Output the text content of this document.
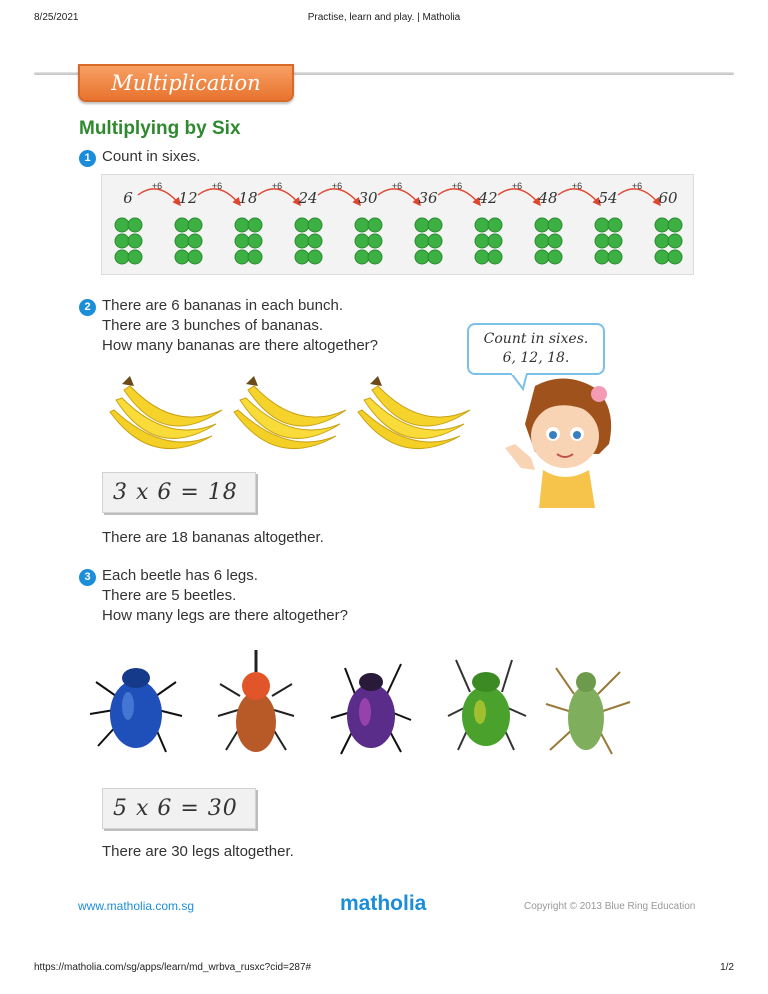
8/25/2021	Practise, learn and play. | Matholia
Multiplication
Multiplying by Six
1 Count in sixes.
6
+6
12
+6
18
+6
24
+6
30
+6
36
+6
42
+6
48
+6
54
+6
60
2 There are 6 bananas in each bunch.
There are 3 bunches of bananas.
How many bananas are there altogether?	Count in sixes.
6, 12, 18.
3 x 6 = 18
There are 18 bananas altogether.
3 Each beetle has 6 legs.
There are 5 beetles.
How many legs are there altogether?
5 x 6 = 30
There are 30 legs altogether.
www.matholia.com.sg	matholia	Copyright © 2013 Blue Ring Education
https://matholia.com/sg/apps/learn/md_wrbva_rusxc?cid=287#	1/2
